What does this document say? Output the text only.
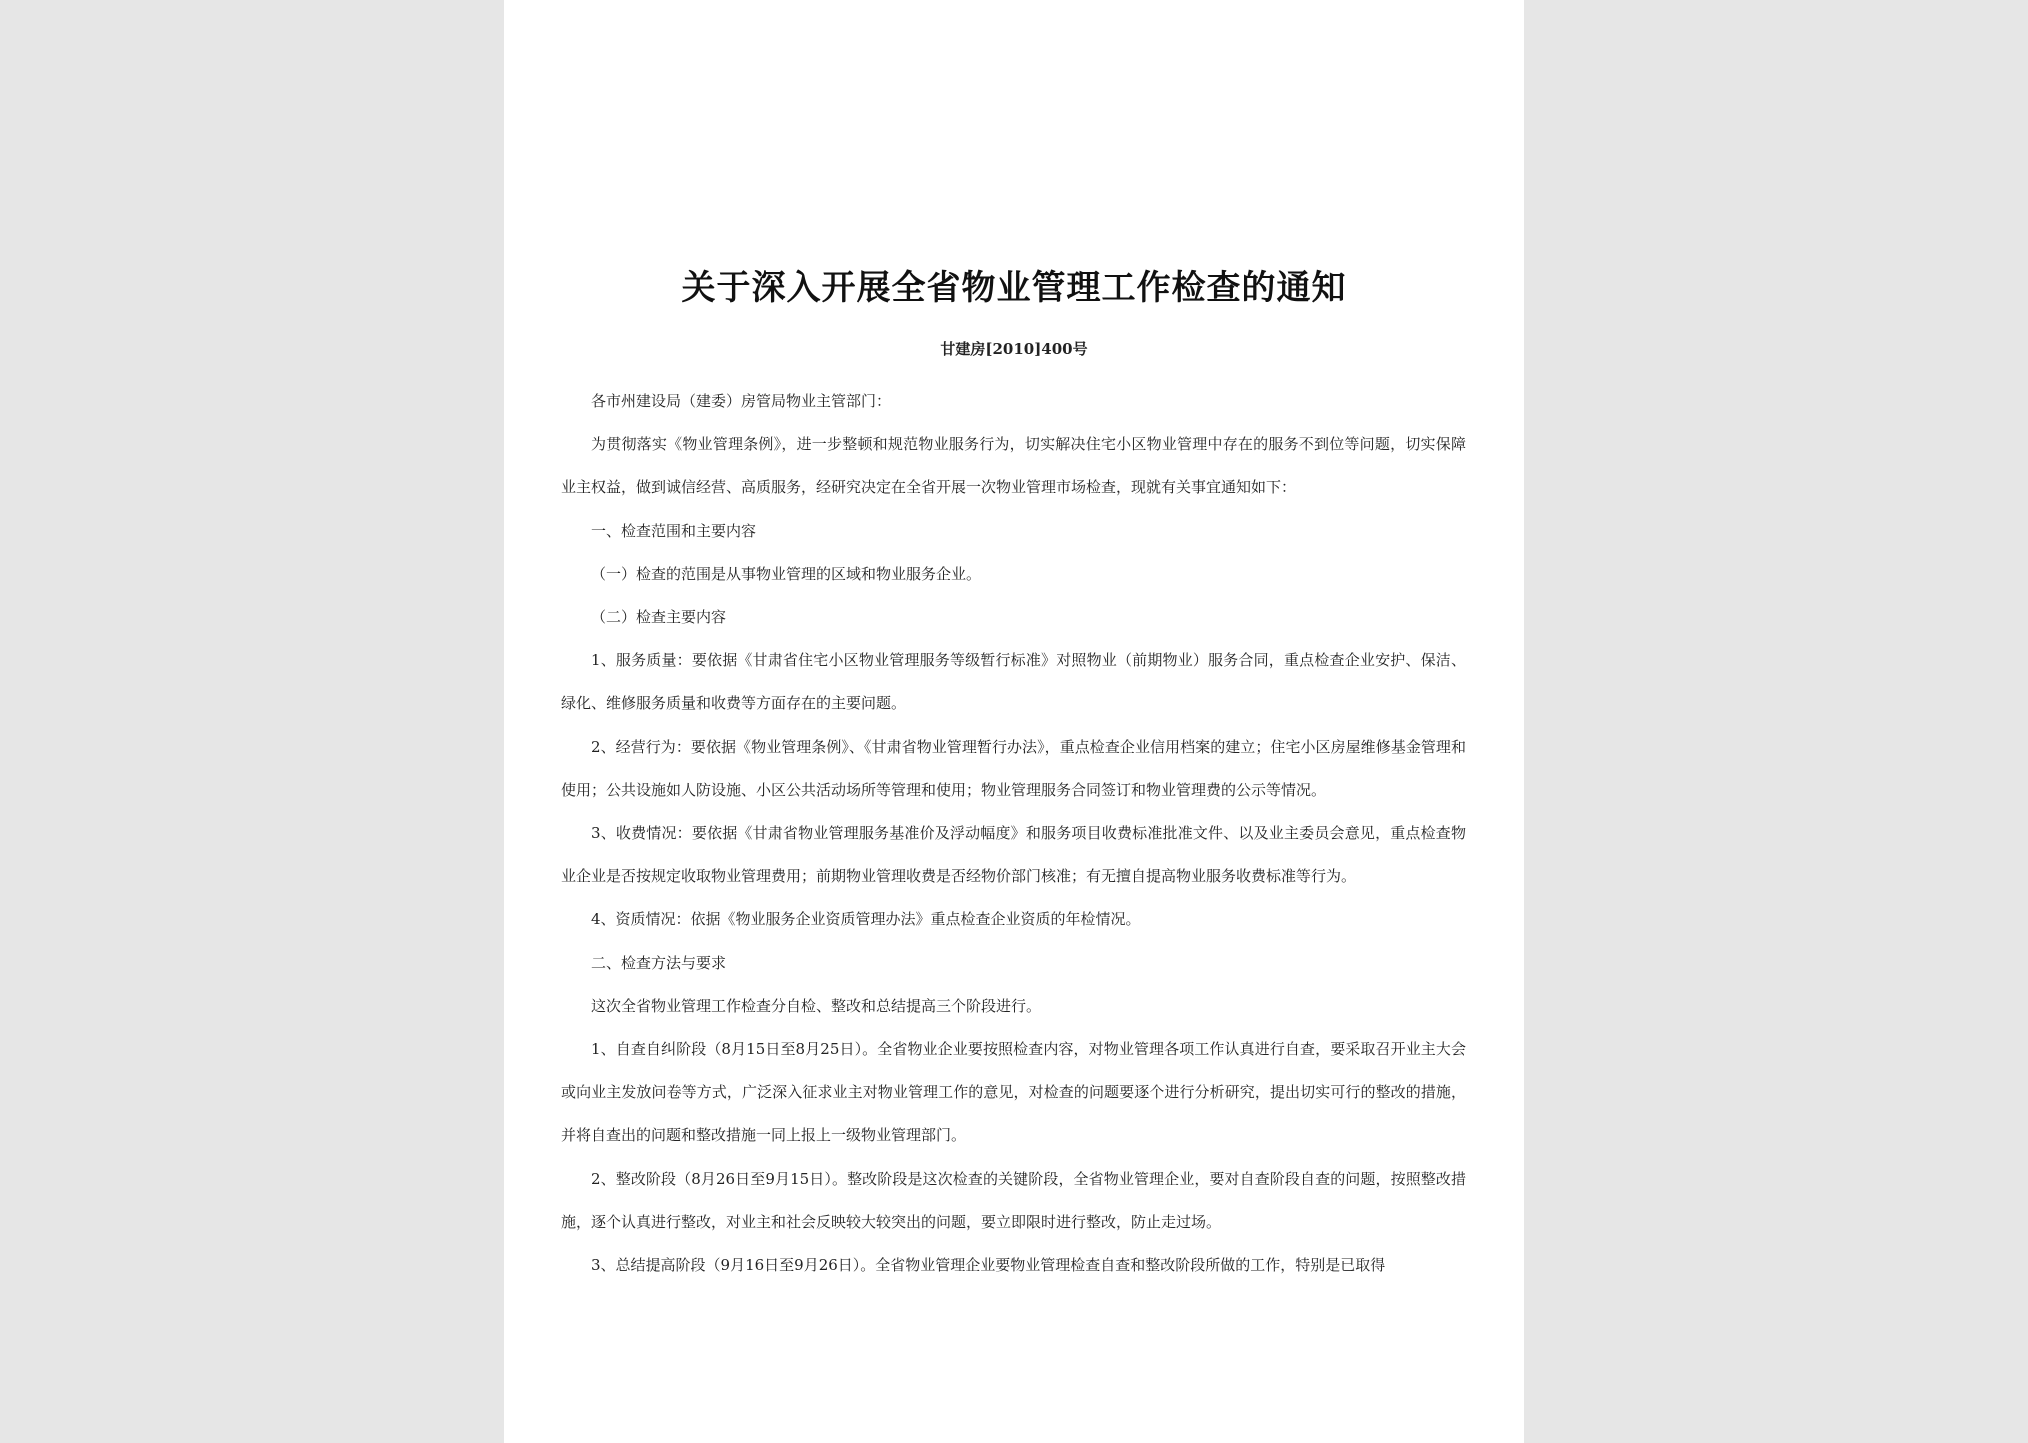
关于深入开展全省物业管理工作检查的通知
甘建房[2010]400号

各市州建设局（建委）房管局物业主管部门：

为贯彻落实《物业管理条例》，进一步整顿和规范物业服务行为，切实解决住宅小区物业管理中存在的服务不到位等问题，切实保障业主权益，做到诚信经营、高质服务，经研究决定在全省开展一次物业管理市场检查，现就有关事宜通知如下：

一、检查范围和主要内容

（一）检查的范围是从事物业管理的区域和物业服务企业。

（二）检查主要内容

1、服务质量：要依据《甘肃省住宅小区物业管理服务等级暂行标准》对照物业（前期物业）服务合同，重点检查企业安护、保洁、绿化、维修服务质量和收费等方面存在的主要问题。

2、经营行为：要依据《物业管理条例》、《甘肃省物业管理暂行办法》，重点检查企业信用档案的建立；住宅小区房屋维修基金管理和使用；公共设施如人防设施、小区公共活动场所等管理和使用；物业管理服务合同签订和物业管理费的公示等情况。

3、收费情况：要依据《甘肃省物业管理服务基准价及浮动幅度》和服务项目收费标准批准文件、以及业主委员会意见，重点检查物业企业是否按规定收取物业管理费用；前期物业管理收费是否经物价部门核准；有无擅自提高物业服务收费标准等行为。

4、资质情况：依据《物业服务企业资质管理办法》重点检查企业资质的年检情况。

二、检查方法与要求

这次全省物业管理工作检查分自检、整改和总结提高三个阶段进行。

1、自查自纠阶段（8月15日至8月25日）。全省物业企业要按照检查内容，对物业管理各项工作认真进行自查，要采取召开业主大会或向业主发放问卷等方式，广泛深入征求业主对物业管理工作的意见，对检查的问题要逐个进行分析研究，提出切实可行的整改的措施，并将自查出的问题和整改措施一同上报上一级物业管理部门。

2、整改阶段（8月26日至9月15日）。整改阶段是这次检查的关键阶段，全省物业管理企业，要对自查阶段自查的问题，按照整改措施，逐个认真进行整改，对业主和社会反映较大较突出的问题，要立即限时进行整改，防止走过场。

3、总结提高阶段（9月16日至9月26日）。全省物业管理企业要物业管理检查自查和整改阶段所做的工作，特别是已取得
